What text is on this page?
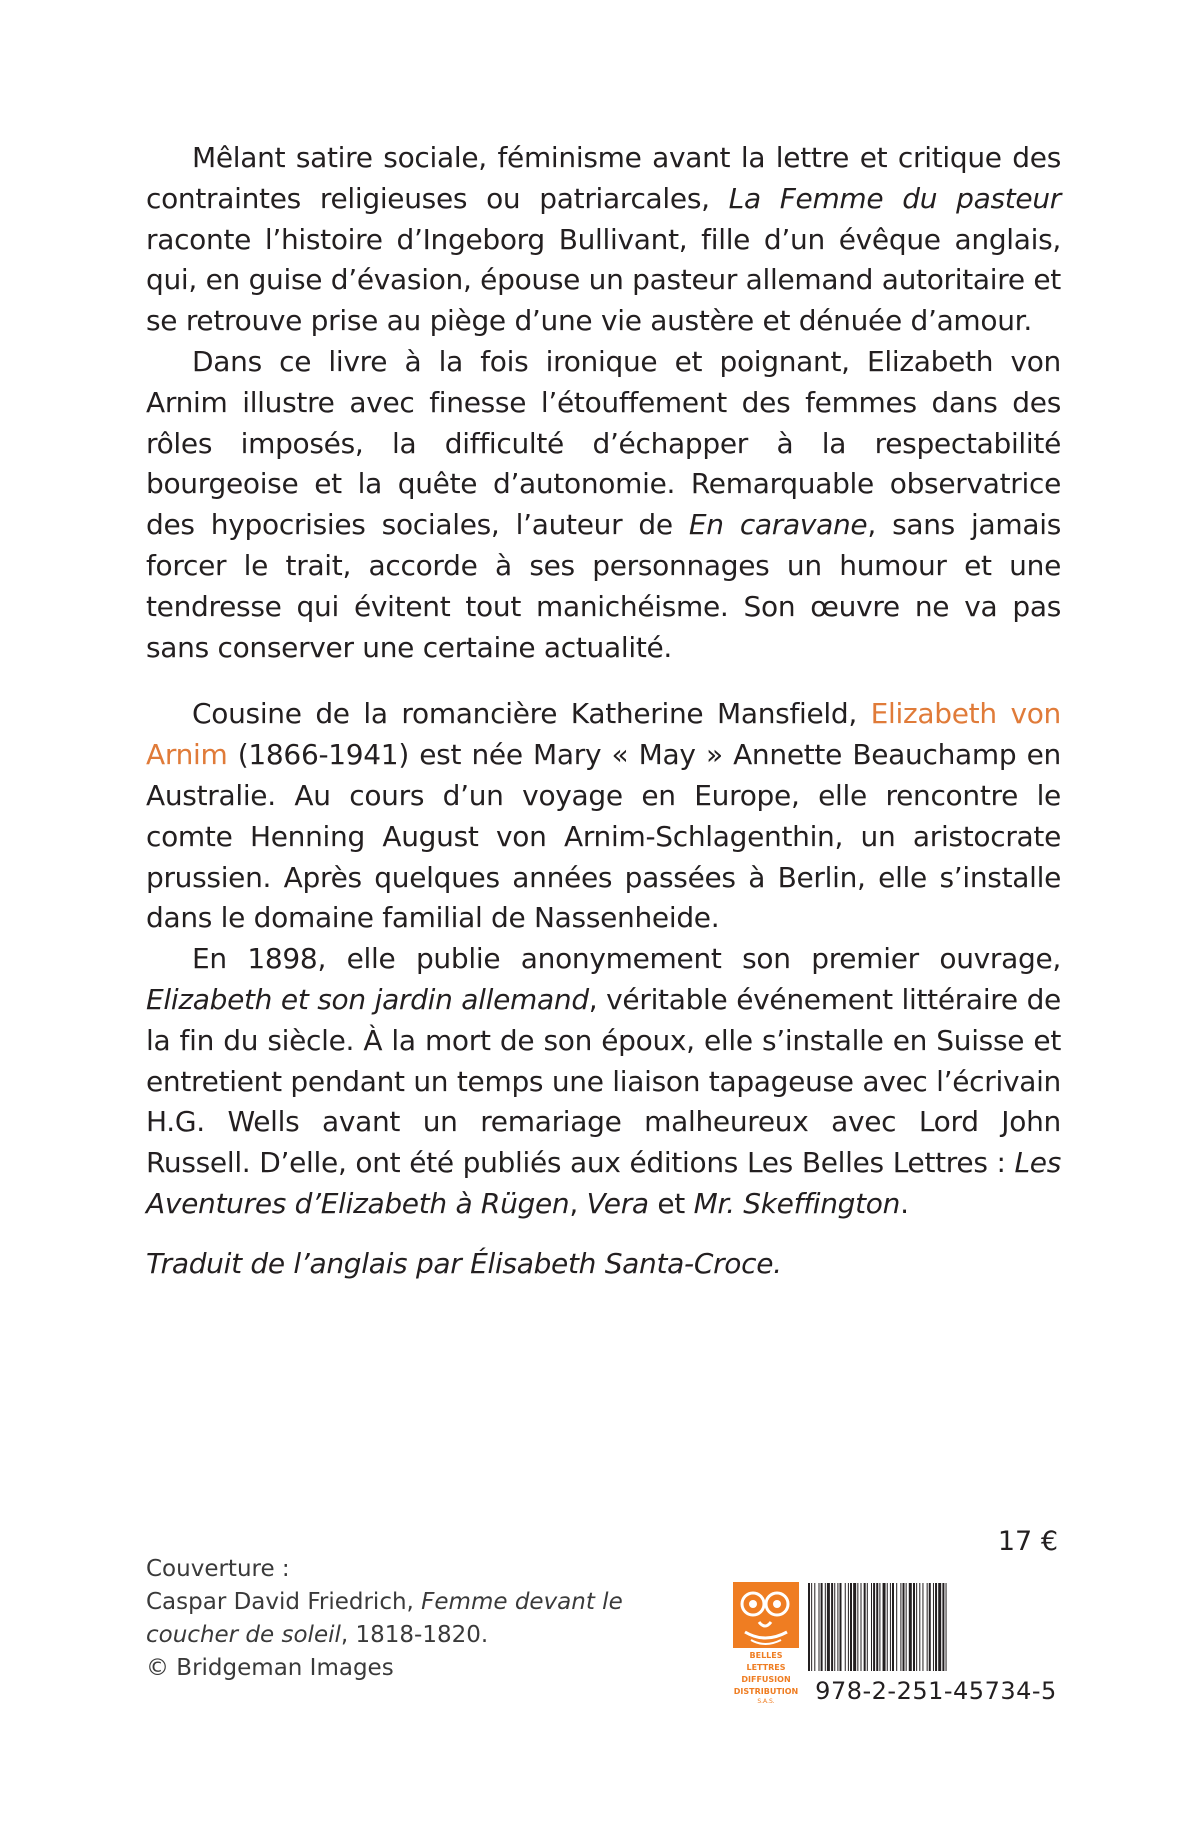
Mêlant satire sociale, féminisme avant la lettre et critique des contraintes religieuses ou patriarcales, La Femme du pasteur raconte l’histoire d’Ingeborg Bullivant, fille d’un évêque anglais, qui, en guise d’évasion, épouse un pasteur allemand autoritaire et se retrouve prise au piège d’une vie austère et dénuée d’amour.

Dans ce livre à la fois ironique et poignant, Elizabeth von Arnim illustre avec finesse l’étouffement des femmes dans des rôles imposés, la difficulté d’échapper à la respectabilité bourgeoise et la quête d’autonomie. Remarquable observatrice des hypocrisies sociales, l’auteur de En caravane, sans jamais forcer le trait, accorde à ses personnages un humour et une tendresse qui évitent tout manichéisme. Son œuvre ne va pas sans conserver une certaine actualité.

Cousine de la romancière Katherine Mansfield, Elizabeth von Arnim (1866-1941) est née Mary « May » Annette Beauchamp en Australie. Au cours d’un voyage en Europe, elle rencontre le comte Henning August von Arnim-Schlagenthin, un aristocrate prussien. Après quelques années passées à Berlin, elle s’installe dans le domaine familial de Nassenheide.

En 1898, elle publie anonymement son premier ouvrage, Elizabeth et son jardin allemand, véritable événement littéraire de la fin du siècle. À la mort de son époux, elle s’installe en Suisse et entretient pendant un temps une liaison tapageuse avec l’écrivain H.G. Wells avant un remariage malheureux avec Lord John Russell. D’elle, ont été publiés aux éditions Les Belles Lettres : Les Aventures d’Elizabeth à Rügen, Vera et Mr. Skeffington.

Traduit de l’anglais par Élisabeth Santa-Croce.
Couverture :
Caspar David Friedrich, Femme devant le coucher de soleil, 1818-1820.
© Bridgeman Images
17 €
BELLES LETTRES
DIFFUSION
DISTRIBUTION
S.A.S.	978-2-251-45734-5
